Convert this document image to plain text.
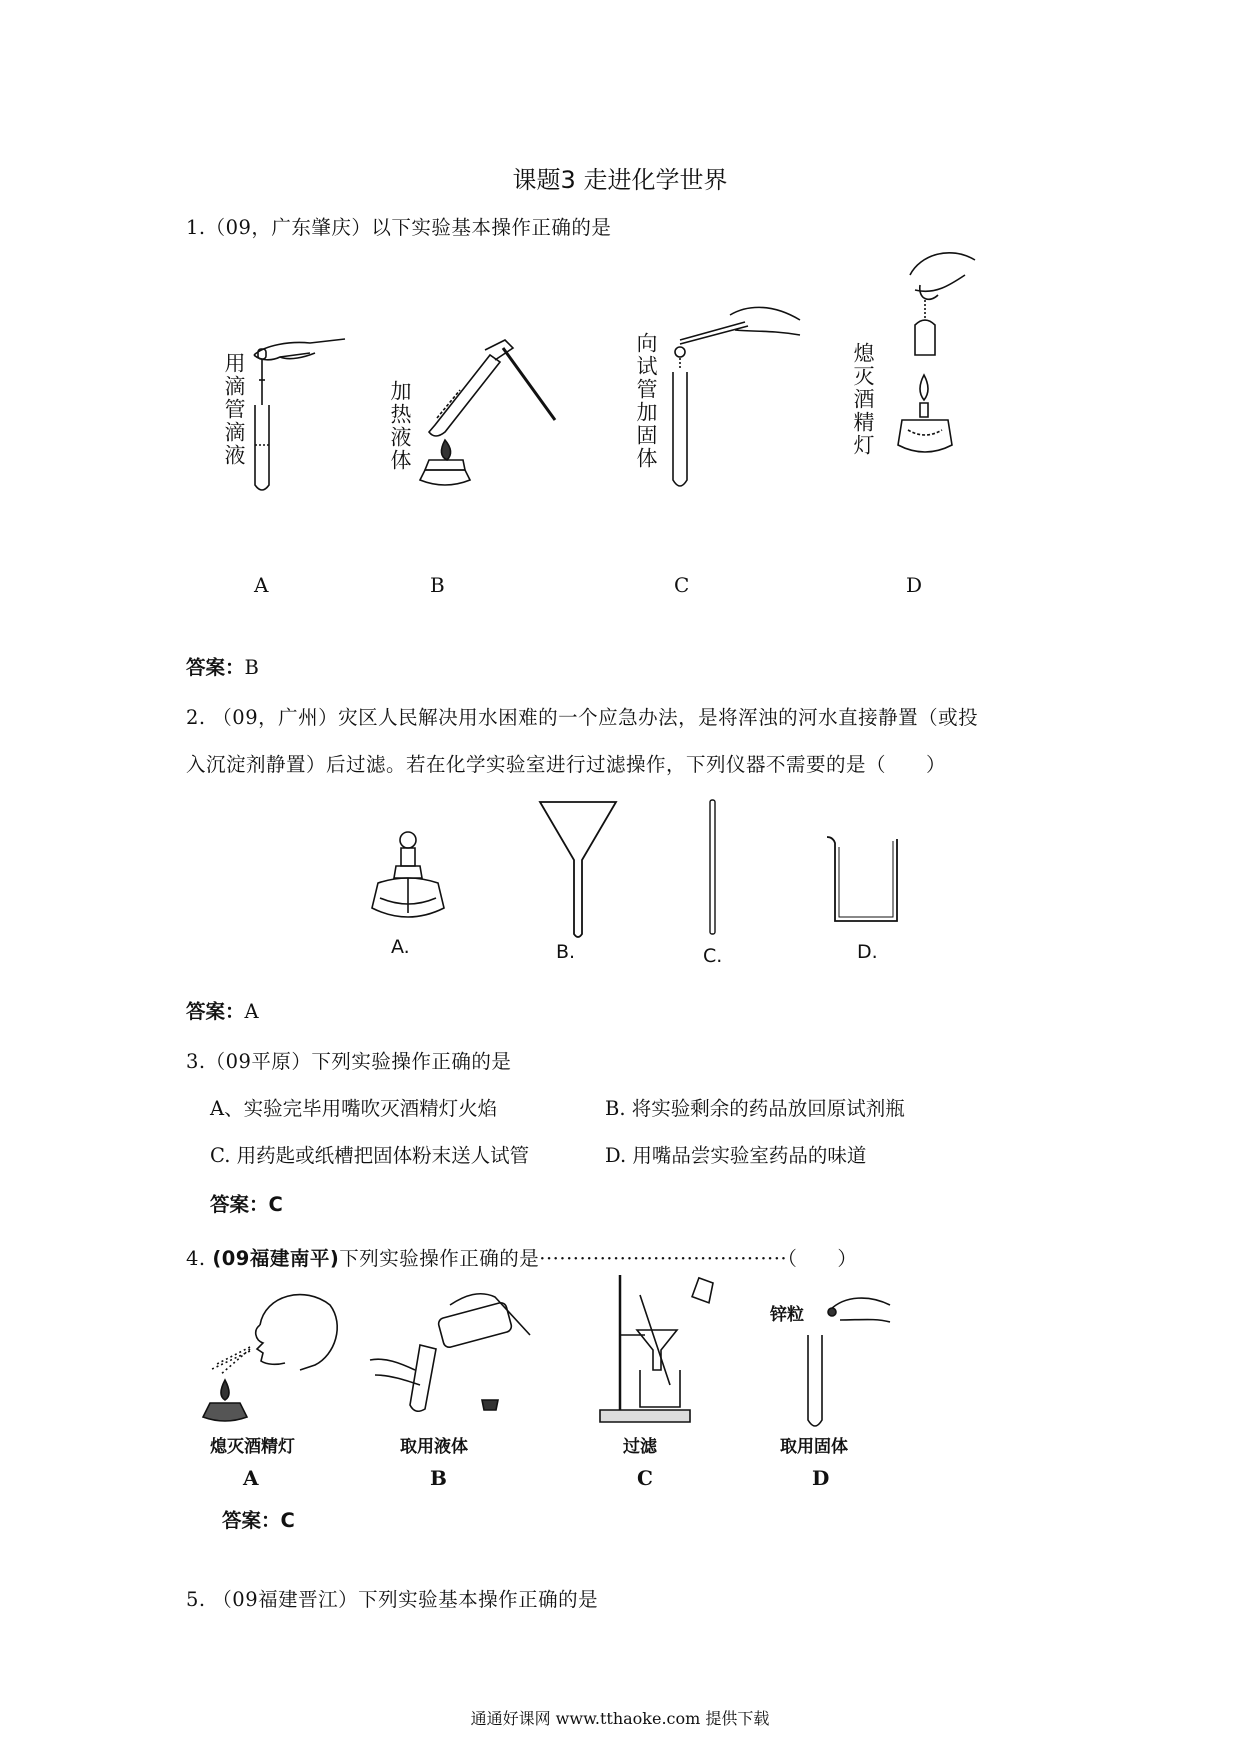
课题3 走进化学世界
1.（09，广东肇庆）以下实验基本操作正确的是
用滴管滴液
A
加热液体
B
向试管加固体
C
熄灭酒精灯
D
答案：B
2. （09，广州）灾区人民解决用水困难的一个应急办法，是将浑浊的河水直接静置（或投
入沉淀剂静置）后过滤。若在化学实验室进行过滤操作，下列仪器不需要的是（　　）
A.	B.	C.	D.
答案：A
3.（09平原）下列实验操作正确的是
A、实验完毕用嘴吹灭酒精灯火焰	B. 将实验剩余的药品放回原试剂瓶
C. 用药匙或纸槽把固体粉末送人试管	D. 用嘴品尝实验室药品的味道
答案：C
4. (09福建南平)下列实验操作正确的是·····································（　　）
熄灭酒精灯
A
取用液体
B
过滤
C
锌粒
取用固体
D
答案：C
5. （09福建晋江）下列实验基本操作正确的是
通通好课网 www.tthaoke.com 提供下载
